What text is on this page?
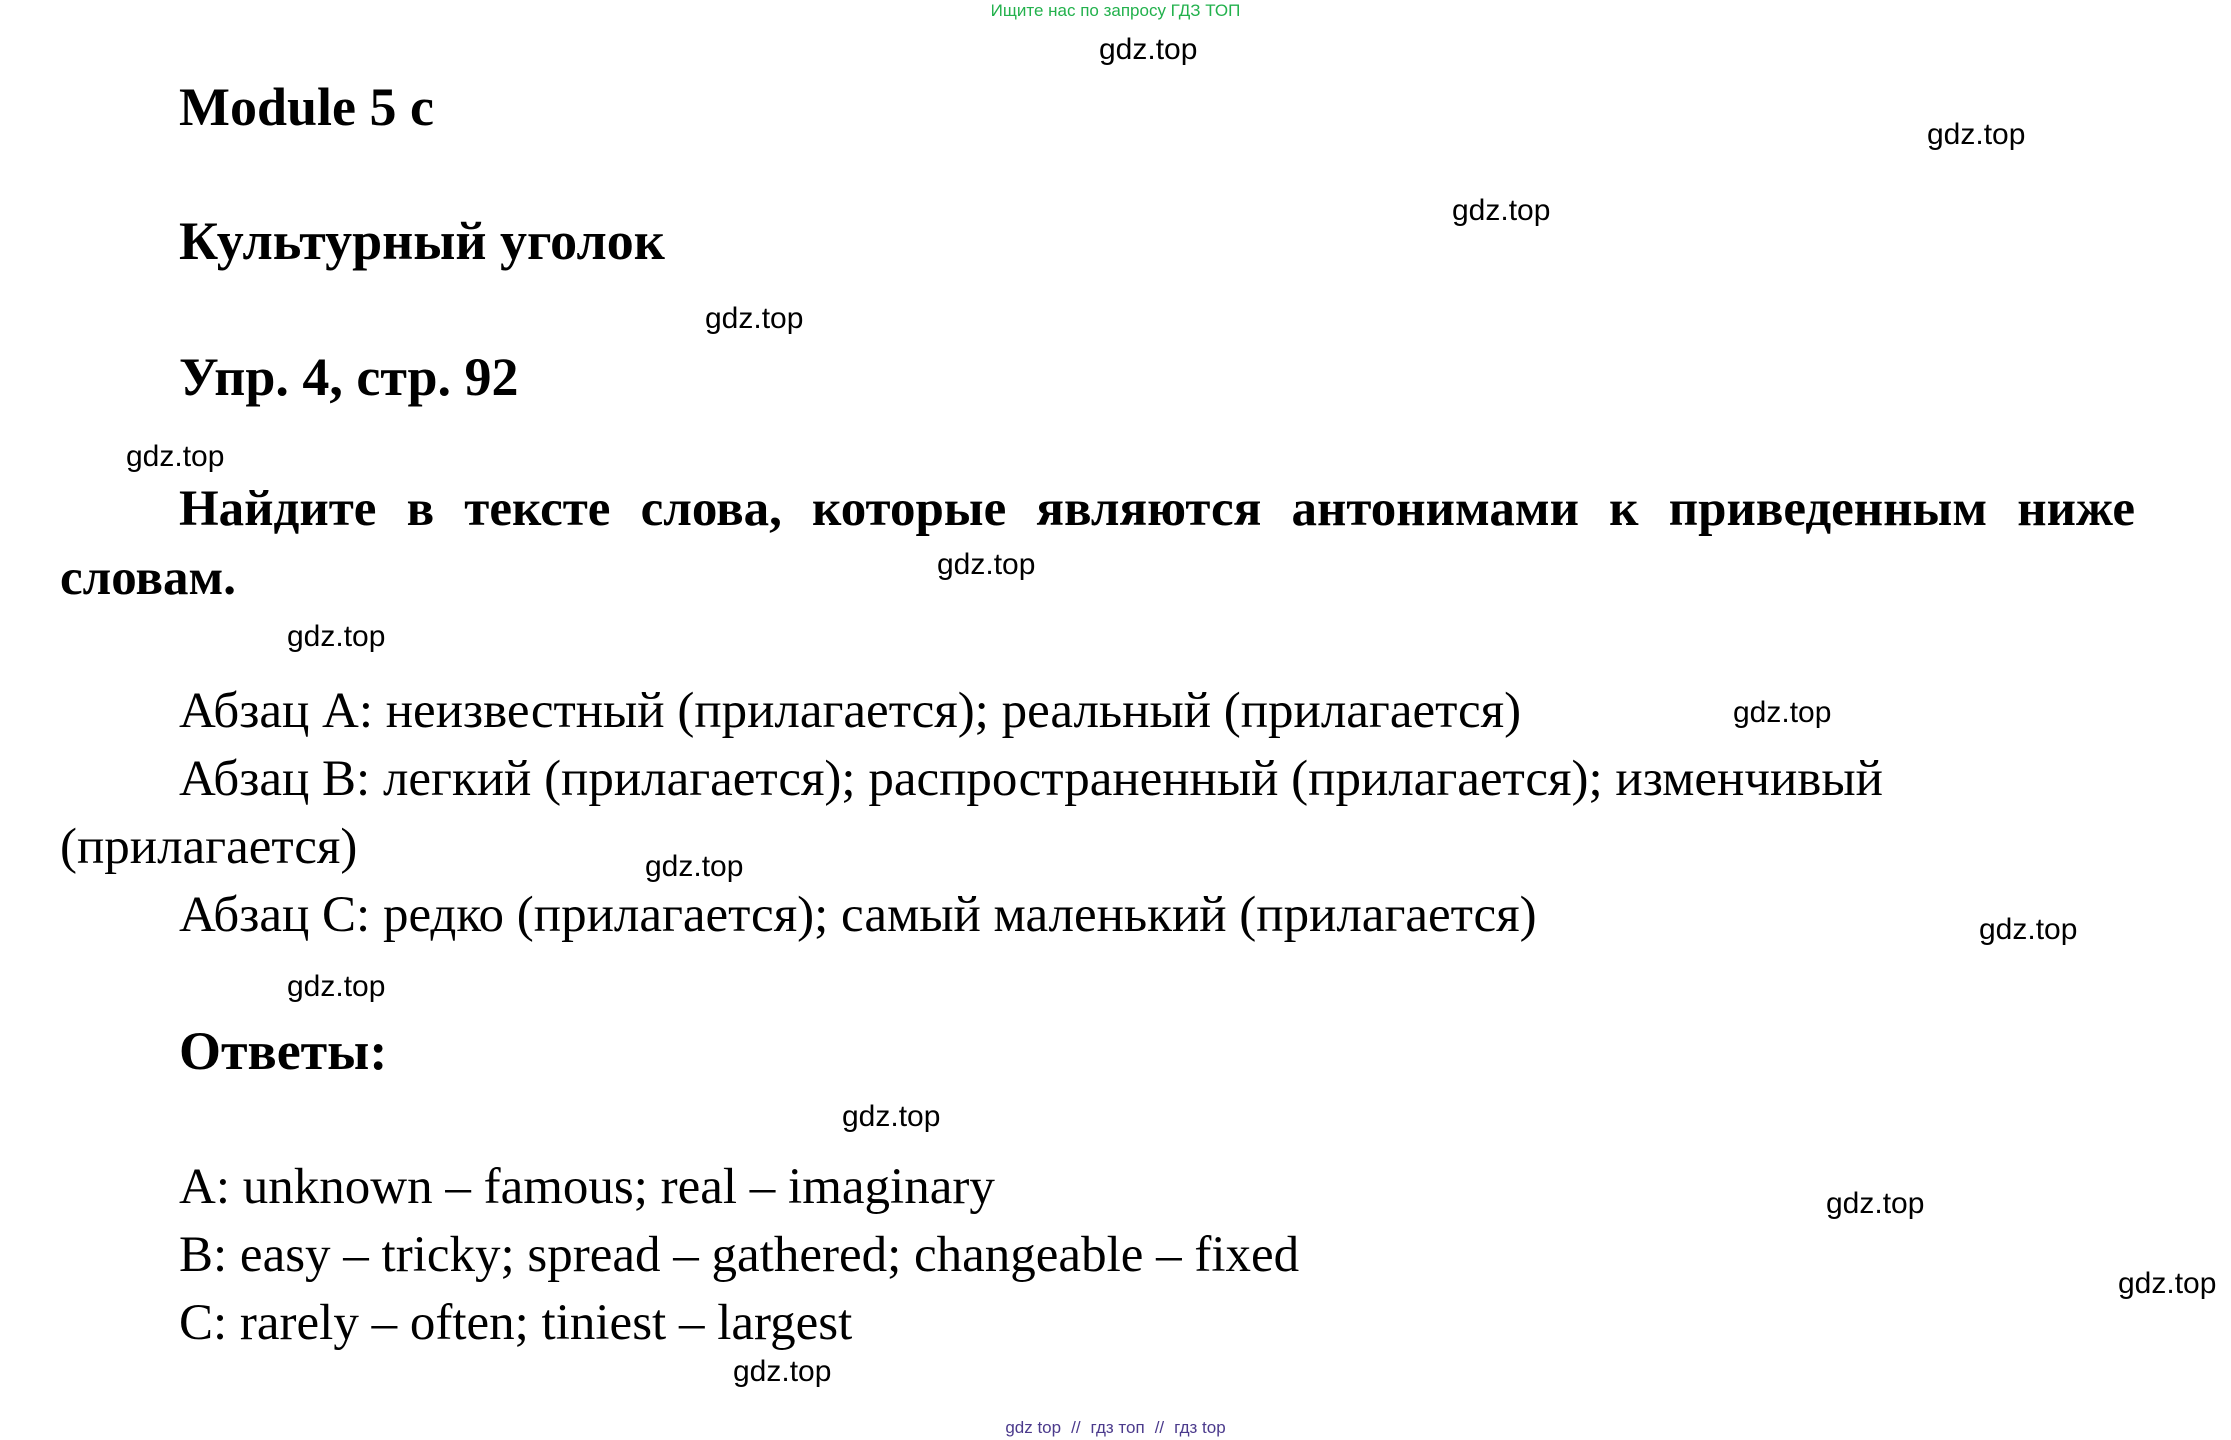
Ищите нас по запросу ГДЗ ТОП
Module 5 c
Культурный уголок
Упр. 4, стр. 92
Найдите в тексте слова, которые являются антонимами к приведенным ниже словам.
Абзац A: неизвестный (прилагается); реальный (прилагается)
Абзац B: легкий (прилагается); распространенный (прилагается); изменчивый (прилагается)
Абзац C: редко (прилагается); самый маленький (прилагается)
Ответы:
A: unknown – famous; real – imaginary
B: easy – tricky; spread – gathered; changeable – fixed
C: rarely – often; tiniest – largest
gdz.top
gdz.top
gdz.top
gdz.top
gdz.top
gdz.top
gdz.top
gdz.top
gdz.top
gdz.top
gdz.top
gdz.top
gdz.top
gdz.top
gdz.top
gdz top // гдз топ // гдз top
